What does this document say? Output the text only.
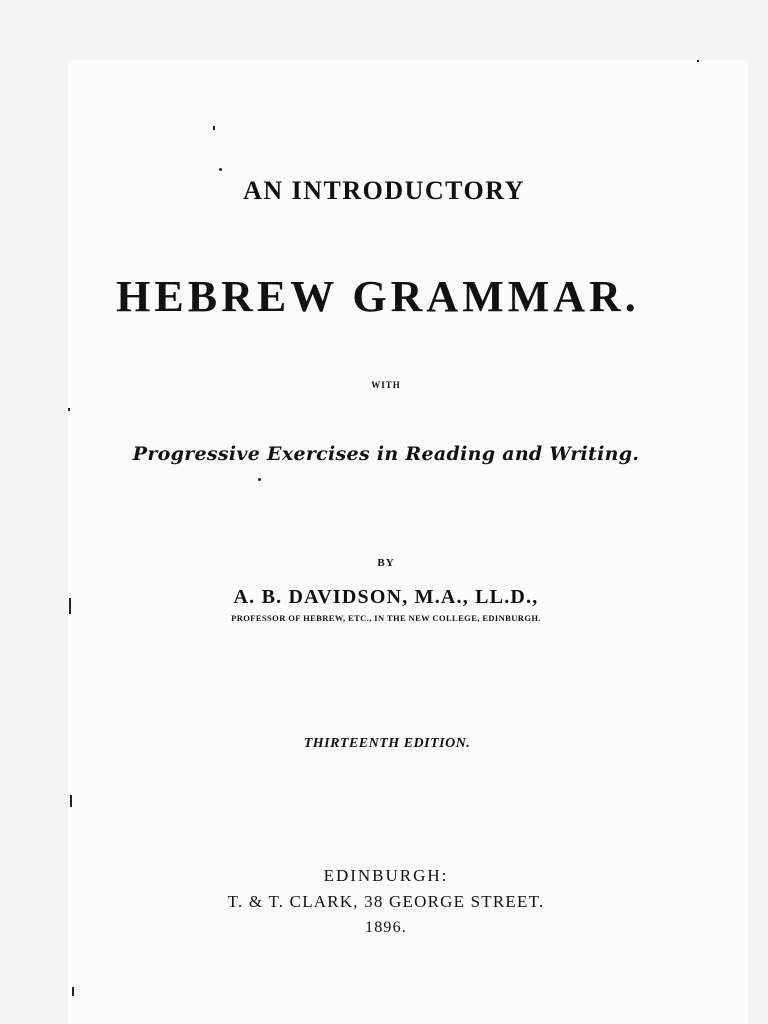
AN INTRODUCTORY
HEBREW GRAMMAR.
WITH
Progressive Exercises in Reading and Writing.
BY
A. B. DAVIDSON, M.A., LL.D.,
PROFESSOR OF HEBREW, ETC., IN THE NEW COLLEGE, EDINBURGH.
THIRTEENTH EDITION.
EDINBURGH:
T. & T. CLARK, 38 GEORGE STREET.
1896.
